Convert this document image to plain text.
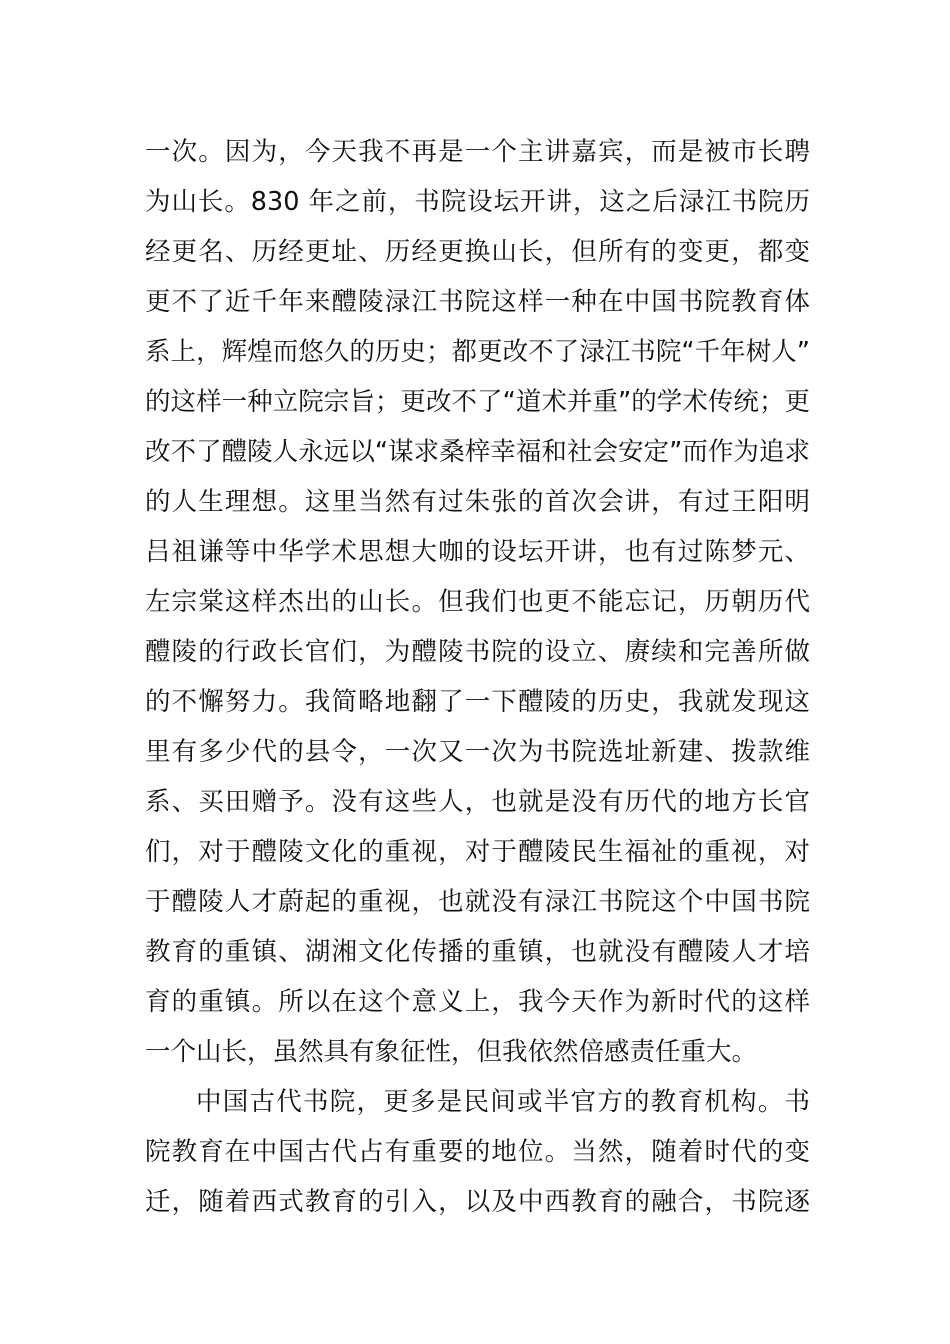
一次。因为，今天我不再是一个主讲嘉宾，而是被市长聘
为山长。830 年之前，书院设坛开讲，这之后渌江书院历
经更名、历经更址、历经更换山长，但所有的变更，都变
更不了近千年来醴陵渌江书院这样一种在中国书院教育体
系上，辉煌而悠久的历史；都更改不了渌江书院“千年树人”
的这样一种立院宗旨；更改不了“道术并重”的学术传统；更
改不了醴陵人永远以“谋求桑梓幸福和社会安定”而作为追求
的人生理想。这里当然有过朱张的首次会讲，有过王阳明
吕祖谦等中华学术思想大咖的设坛开讲，也有过陈梦元、
左宗棠这样杰出的山长。但我们也更不能忘记，历朝历代
醴陵的行政长官们，为醴陵书院的设立、赓续和完善所做
的不懈努力。我简略地翻了一下醴陵的历史，我就发现这
里有多少代的县令，一次又一次为书院选址新建、拨款维
系、买田赠予。没有这些人，也就是没有历代的地方长官
们，对于醴陵文化的重视，对于醴陵民生福祉的重视，对
于醴陵人才蔚起的重视，也就没有渌江书院这个中国书院
教育的重镇、湖湘文化传播的重镇，也就没有醴陵人才培
育的重镇。所以在这个意义上，我今天作为新时代的这样
一个山长，虽然具有象征性，但我依然倍感责任重大。
中国古代书院，更多是民间或半官方的教育机构。书
院教育在中国古代占有重要的地位。当然，随着时代的变
迁，随着西式教育的引入，以及中西教育的融合，书院逐
